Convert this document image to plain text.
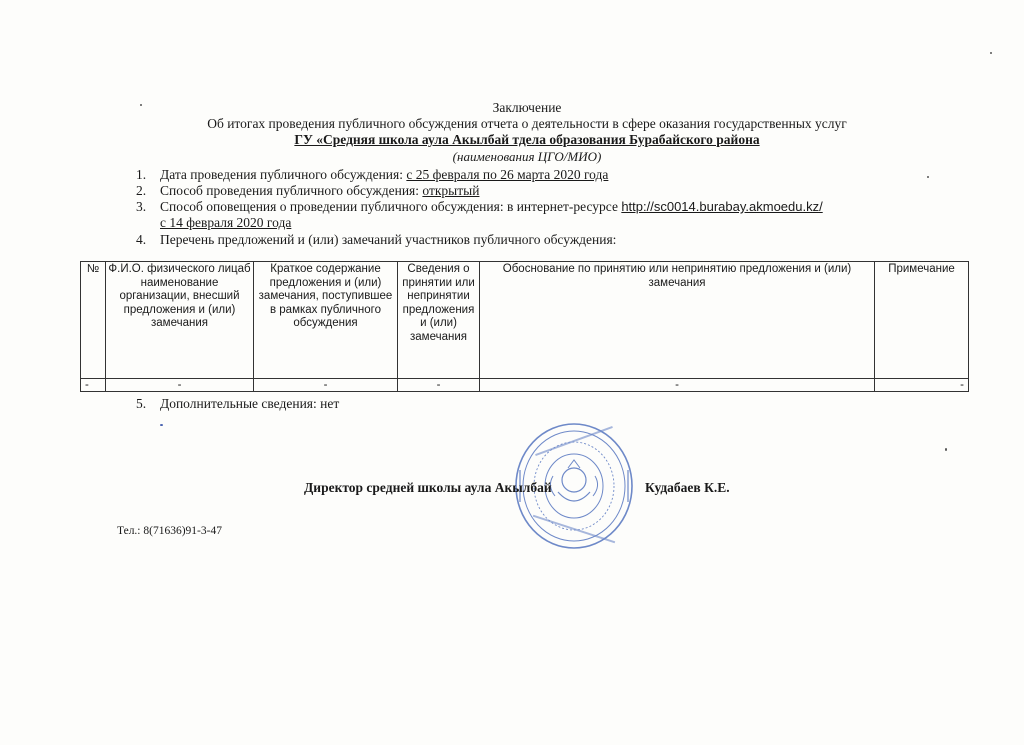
Заключение
Об итогах проведения публичного обсуждения отчета о деятельности в сфере оказания государственных услуг
ГУ «Средняя школа аула Акылбай тдела образования Бурабайского района
(наименования ЦГО/МИО)
1. Дата проведения публичного обсуждения: с 25 февраля по 26 марта 2020 года
2. Способ проведения публичного обсуждения: открытый
3. Способ оповещения о проведении публичного обсуждения: в интернет-ресурсе http://sc0014.burabay.akmoedu.kz/
с 14 февраля 2020 года
4. Перечень предложений и (или) замечаний участников публичного обсуждения:
№	Ф.И.О. физического лицаб наименование организации, внесший предложения и (или) замечания	Краткое содержание предложения и (или) замечания, поступившее в рамках публичного обсуждения	Сведения о принятии или непринятии предложения и (или) замечания	Обоснование по принятию или непринятию предложения и (или) замечания	Примечание
-	-	-	-	-	-
5. Дополнительные сведения: нет
Директор средней школы аула Акылбай	Кудабаев К.Е.
Тел.: 8(71636)91-3-47
